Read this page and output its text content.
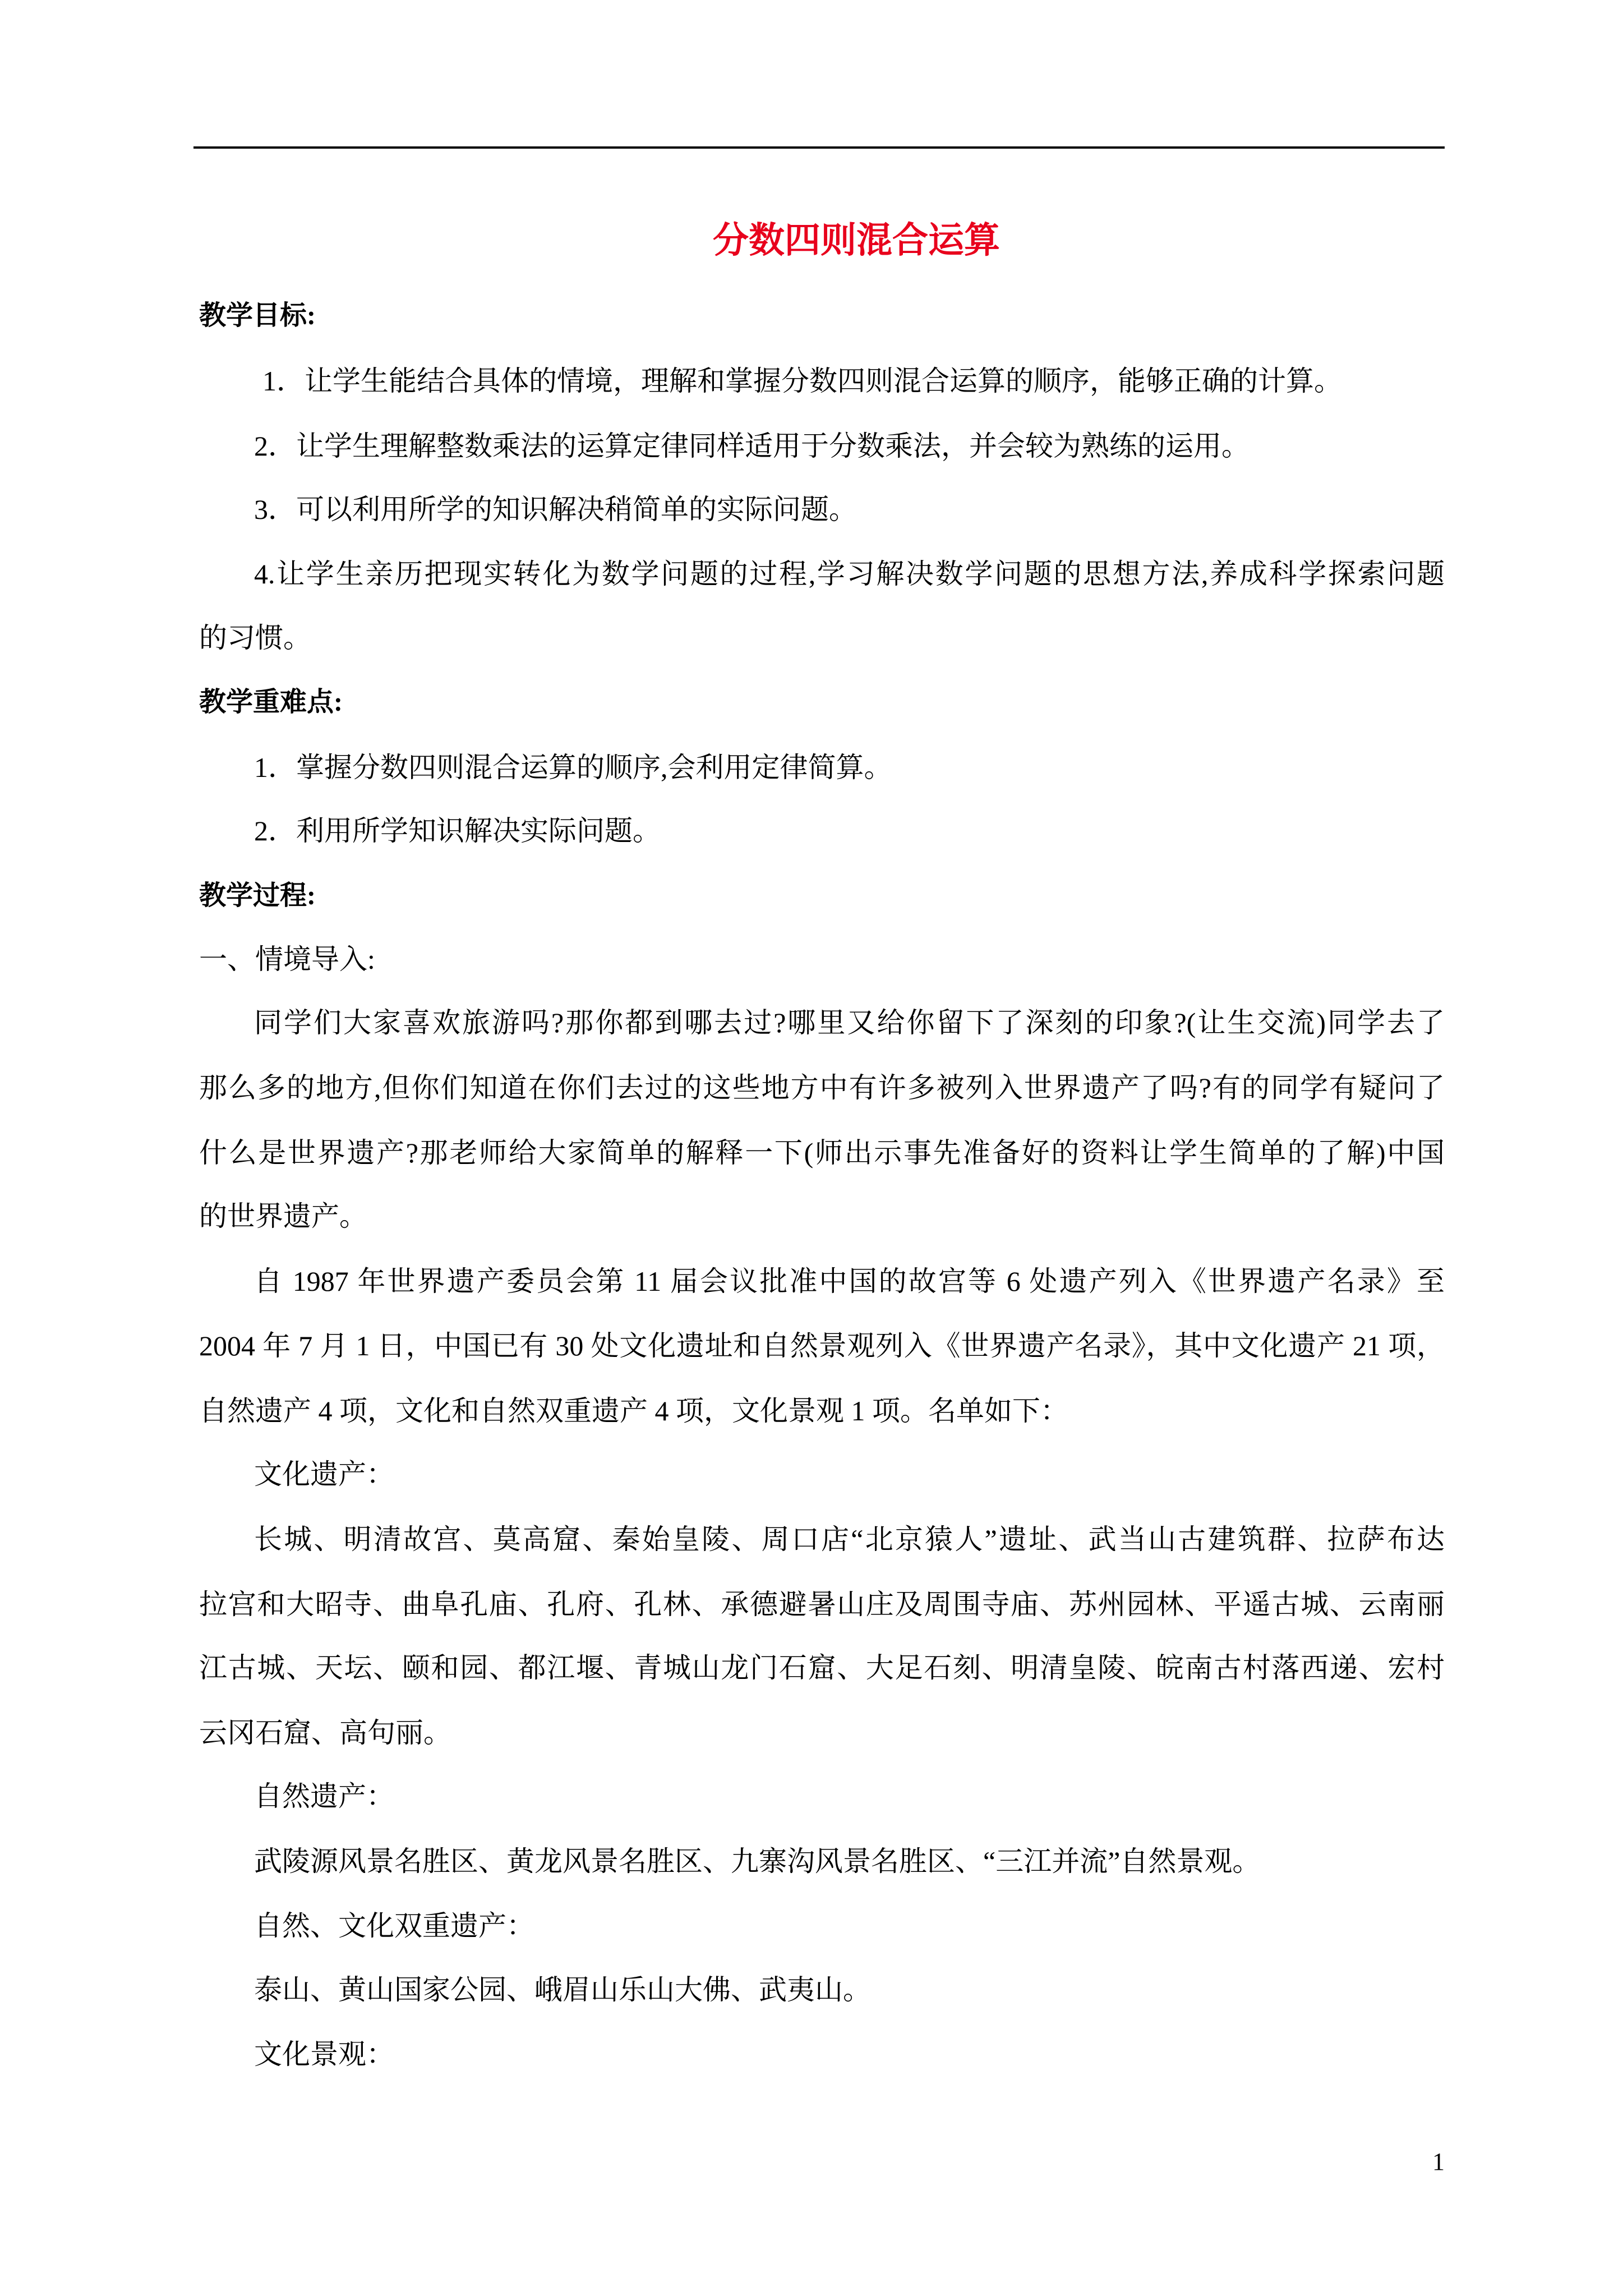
分数四则混合运算
教学目标:
1．让学生能结合具体的情境，理解和掌握分数四则混合运算的顺序，能够正确的计算。
2．让学生理解整数乘法的运算定律同样适用于分数乘法，并会较为熟练的运用。
3．可以利用所学的知识解决稍简单的实际问题。
4.让学生亲历把现实转化为数学问题的过程,学习解决数学问题的思想方法,养成科学探索问题
的习惯。
教学重难点:
1．掌握分数四则混合运算的顺序,会利用定律简算。
2．利用所学知识解决实际问题。
教学过程:
一、情境导入:
同学们大家喜欢旅游吗?那你都到哪去过?哪里又给你留下了深刻的印象?(让生交流)同学去了
那么多的地方,但你们知道在你们去过的这些地方中有许多被列入世界遗产了吗?有的同学有疑问了
什么是世界遗产?那老师给大家简单的解释一下(师出示事先准备好的资料让学生简单的了解)中国
的世界遗产。
自 1987 年世界遗产委员会第 11 届会议批准中国的故宫等 6 处遗产列入《世界遗产名录》至
2004 年 7 月 1 日，中国已有 30 处文化遗址和自然景观列入《世界遗产名录》，其中文化遗产 21 项，
自然遗产 4 项，文化和自然双重遗产 4 项，文化景观 1 项。名单如下：
文化遗产：
长城、明清故宫、莫高窟、秦始皇陵、周口店“北京猿人”遗址、武当山古建筑群、拉萨布达
拉宫和大昭寺、曲阜孔庙、孔府、孔林、承德避暑山庄及周围寺庙、苏州园林、平遥古城、云南丽
江古城、天坛、颐和园、都江堰、青城山龙门石窟、大足石刻、明清皇陵、皖南古村落西递、宏村
云冈石窟、高句丽。
自然遗产：
武陵源风景名胜区、黄龙风景名胜区、九寨沟风景名胜区、“三江并流”自然景观。
自然、文化双重遗产：
泰山、黄山国家公园、峨眉山乐山大佛、武夷山。
文化景观：
1
